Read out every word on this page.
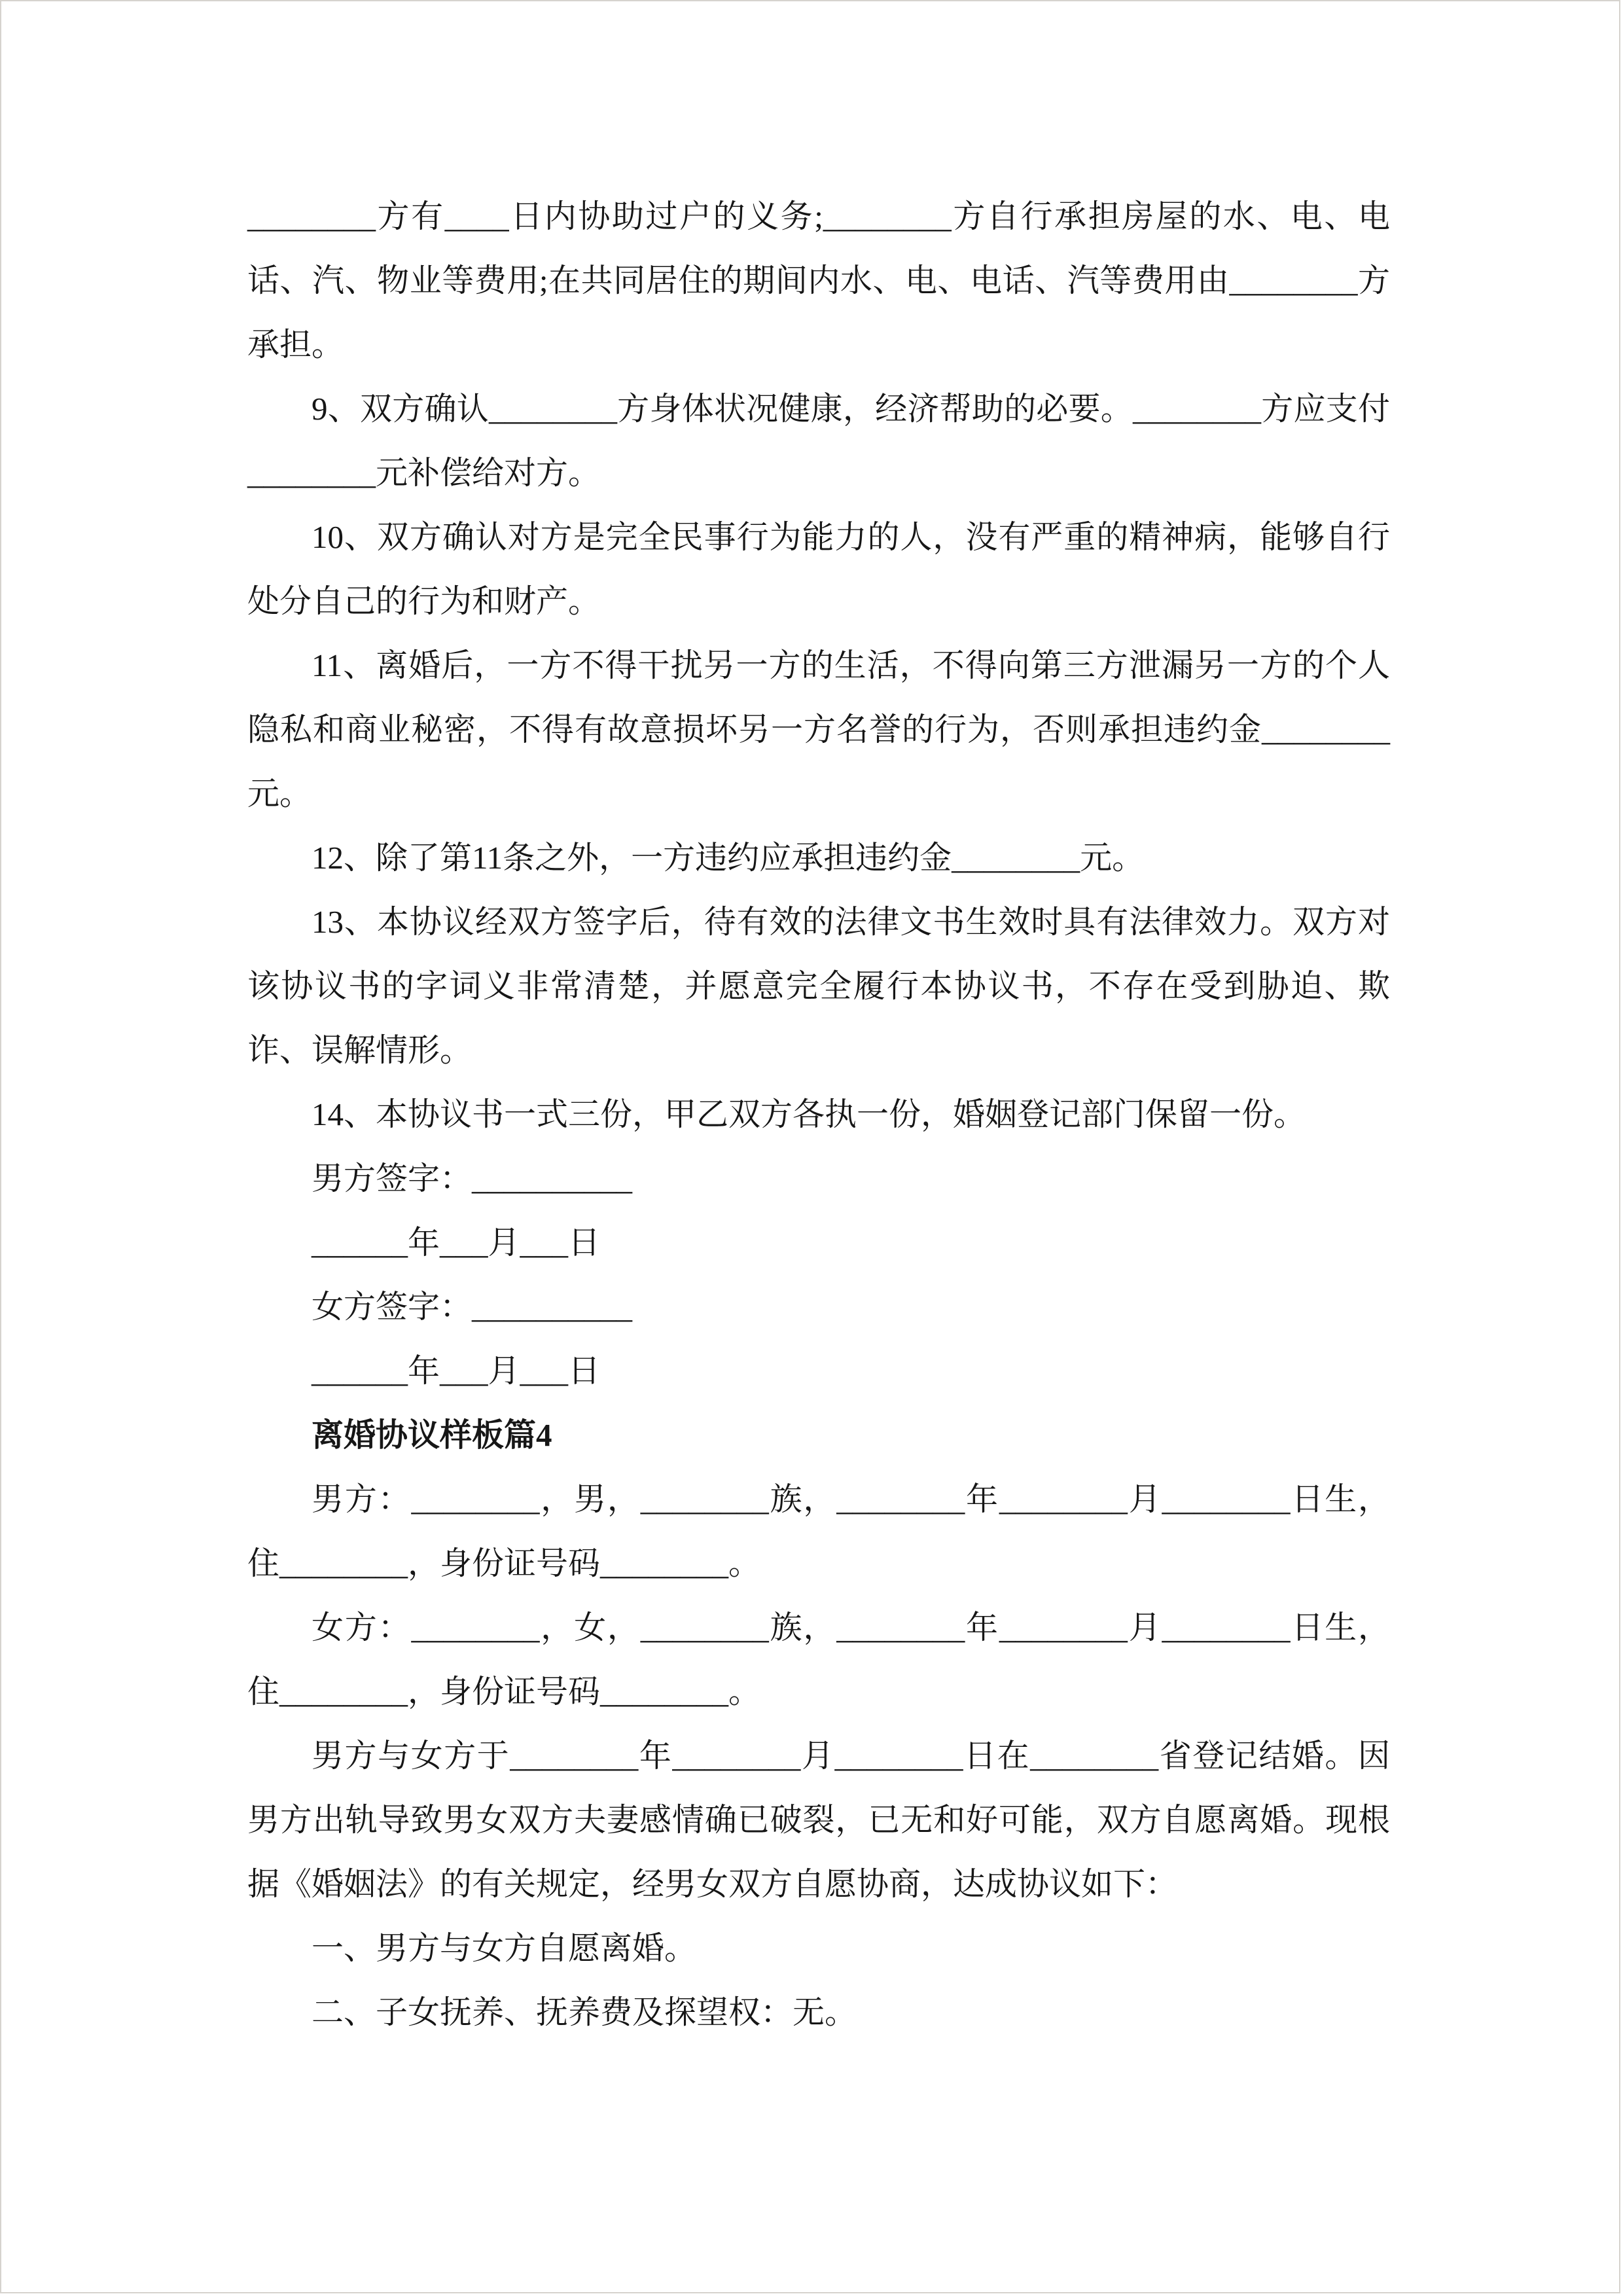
________方有____日内协助过户的义务;________方自行承担房屋的水、电、电话、汽、物业等费用;在共同居住的期间内水、电、电话、汽等费用由________方承担。

9、双方确认________方身体状况健康，经济帮助的必要。________方应支付________元补偿给对方。

10、双方确认对方是完全民事行为能力的人，没有严重的精神病，能够自行处分自己的行为和财产。

11、离婚后，一方不得干扰另一方的生活，不得向第三方泄漏另一方的个人隐私和商业秘密，不得有故意损坏另一方名誉的行为，否则承担违约金________元。

12、除了第11条之外，一方违约应承担违约金________元。

13、本协议经双方签字后，待有效的法律文书生效时具有法律效力。双方对该协议书的字词义非常清楚，并愿意完全履行本协议书，不存在受到胁迫、欺诈、误解情形。

14、本协议书一式三份，甲乙双方各执一份，婚姻登记部门保留一份。

男方签字：__________

______年___月___日

女方签字：__________

______年___月___日

离婚协议样板篇4

男方：________，男，________族，________年________月________日生，住________，身份证号码________。

女方：________，女，________族，________年________月________日生，住________，身份证号码________。

男方与女方于________年________月________日在________省登记结婚。因男方出轨导致男女双方夫妻感情确已破裂，已无和好可能，双方自愿离婚。现根据《婚姻法》的有关规定，经男女双方自愿协商，达成协议如下：

一、男方与女方自愿离婚。

二、子女抚养、抚养费及探望权：无。
